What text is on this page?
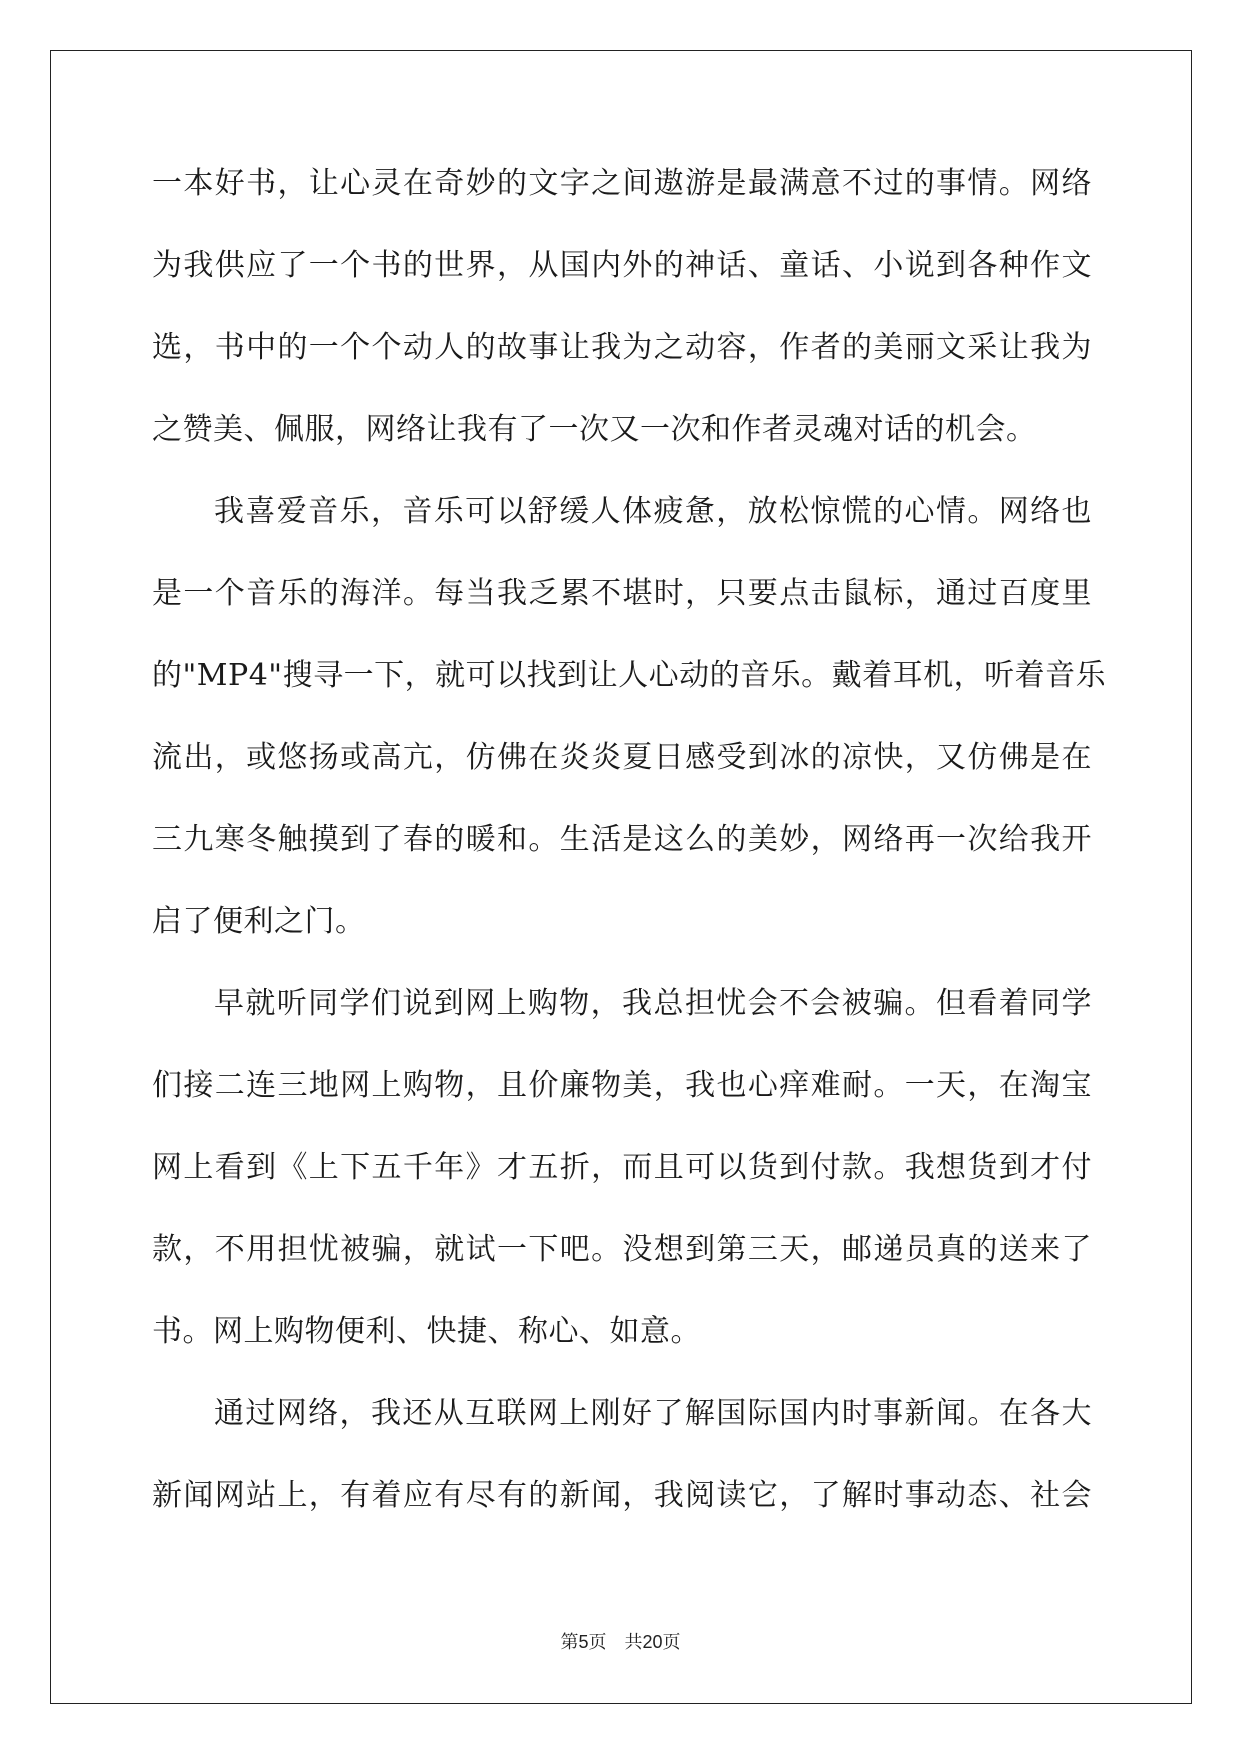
一本好书，让心灵在奇妙的文字之间遨游是最满意不过的事情。网络
为我供应了一个书的世界，从国内外的神话、童话、小说到各种作文
选，书中的一个个动人的故事让我为之动容，作者的美丽文采让我为
之赞美、佩服，网络让我有了一次又一次和作者灵魂对话的机会。
我喜爱音乐，音乐可以舒缓人体疲惫，放松惊慌的心情。网络也
是一个音乐的海洋。每当我乏累不堪时，只要点击鼠标，通过百度里
的"MP4"搜寻一下，就可以找到让人心动的音乐。戴着耳机，听着音乐
流出，或悠扬或高亢，仿佛在炎炎夏日感受到冰的凉快，又仿佛是在
三九寒冬触摸到了春的暖和。生活是这么的美妙，网络再一次给我开
启了便利之门。
早就听同学们说到网上购物，我总担忧会不会被骗。但看着同学
们接二连三地网上购物，且价廉物美，我也心痒难耐。一天，在淘宝
网上看到《上下五千年》才五折，而且可以货到付款。我想货到才付
款，不用担忧被骗，就试一下吧。没想到第三天，邮递员真的送来了
书。网上购物便利、快捷、称心、如意。
通过网络，我还从互联网上刚好了解国际国内时事新闻。在各大
新闻网站上，有着应有尽有的新闻，我阅读它，了解时事动态、社会
第5页　共20页
